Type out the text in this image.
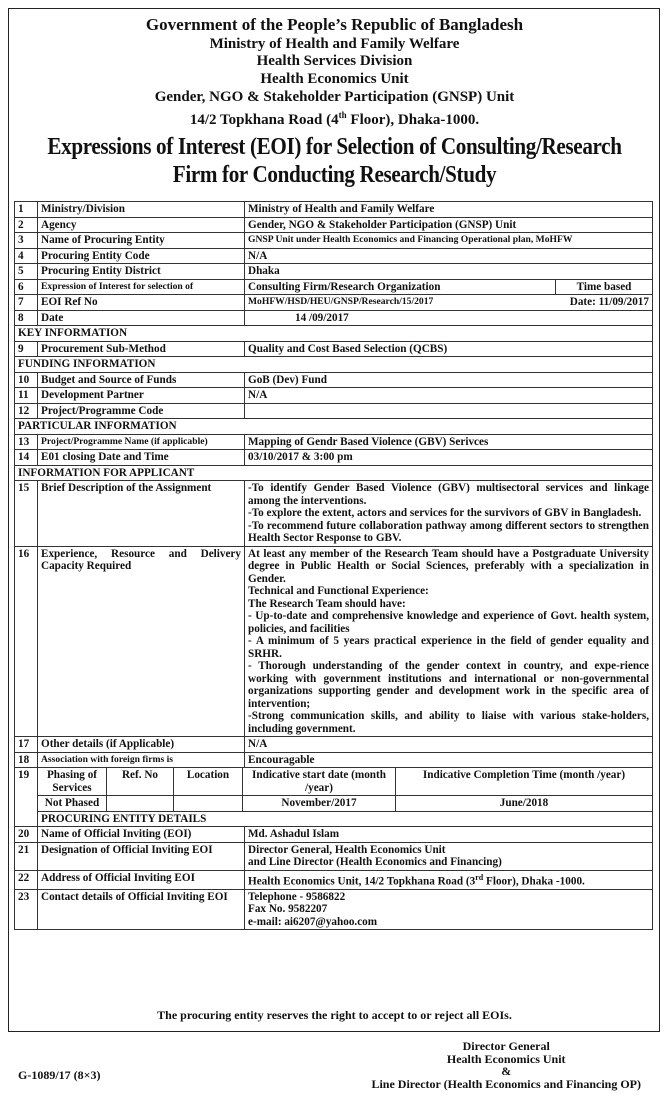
Government of the People’s Republic of Bangladesh
Ministry of Health and Family Welfare
Health Services Division
Health Economics Unit
Gender, NGO & Stakeholder Participation (GNSP) Unit
14/2 Topkhana Road (4th Floor), Dhaka-1000.
Expressions of Interest (EOI) for Selection of Consulting/Research
Firm for Conducting Research/Study
1	Ministry/Division	Ministry of Health and Family Welfare
2	Agency	Gender, NGO & Stakeholder Participation (GNSP) Unit
3	Name of Procuring Entity	GNSP Unit under Health Economics and Financing Operational plan, MoHFW
4	Procuring Entity Code	N/A
5	Procuring Entity District	Dhaka
6	Expression of Interest for selection of		Consulting Firm/Research Organization	Time based

7	EOI Ref No		MoHFW/HSD/HEU/GNSP/Research/15/2017	Date: 11/09/2017

8	Date	14 /09/2017
KEY INFORMATION
9	Procurement Sub-Method	Quality and Cost Based Selection (QCBS)
FUNDING INFORMATION
10	Budget and Source of Funds	GoB (Dev) Fund
11	Development Partner	N/A
12	Project/Programme Code	
PARTICULAR INFORMATION
13	Project/Programme Name (if applicable)	Mapping of Gendr Based Violence (GBV) Serivces
14	E01 closing Date and Time	03/10/2017 & 3:00 pm
INFORMATION FOR APPLICANT
15	Brief Description of the Assignment	-To identify Gender Based Violence (GBV) multisectoral services and linkage among the interventions.
-To explore the extent, actors and services for the survivors of GBV in Bangladesh.
-To recommend future collaboration pathway among different sectors to strengthen Health Sector Response to GBV.
16	Experience, Resource and Delivery Capacity Required	At least any member of the Research Team should have a Postgraduate University degree in Public Health or Social Sciences, preferably with a specialization in Gender.
Technical and Functional Experience:
The Research Team should have:
- Up-to-date and comprehensive knowledge and experience of Govt. health system, policies, and facilities
- A minimum of 5 years practical experience in the field of gender equality and SRHR.
- Thorough understanding of the gender context in country, and expe-rience working with government institutions and international or non-governmental organizations supporting gender and development work in the specific area of intervention;
-Strong communication skills, and ability to liaise with various stake-holders, including government.
17	Other details (if Applicable)	N/A
18	Association with foreign firms is	Encouragable
19	Phasing of Services	Ref. No	Location	Indicative start date (month /year)	Indicative Completion Time (month /year)
Not Phased			November/2017	June/2018

PROCURING ENTITY DETAILS
20	Name of Official Inviting (EOI)	Md. Ashadul Islam
21	Designation of Official Inviting EOI	Director General, Health Economics Unit
and Line Director (Health Economics and Financing)
22	Address of Official Inviting EOI	Health Economics Unit, 14/2 Topkhana Road (3rd Floor), Dhaka -1000.
23	Contact details of Official Inviting EOI	Telephone - 9586822
Fax No. 9582207
e-mail: ai6207@yahoo.com
The procuring entity reserves the right to accept to or reject all EOIs.
Director General
Health Economics Unit
&
Line Director (Health Economics and Financing OP)
G-1089/17 (8×3)
